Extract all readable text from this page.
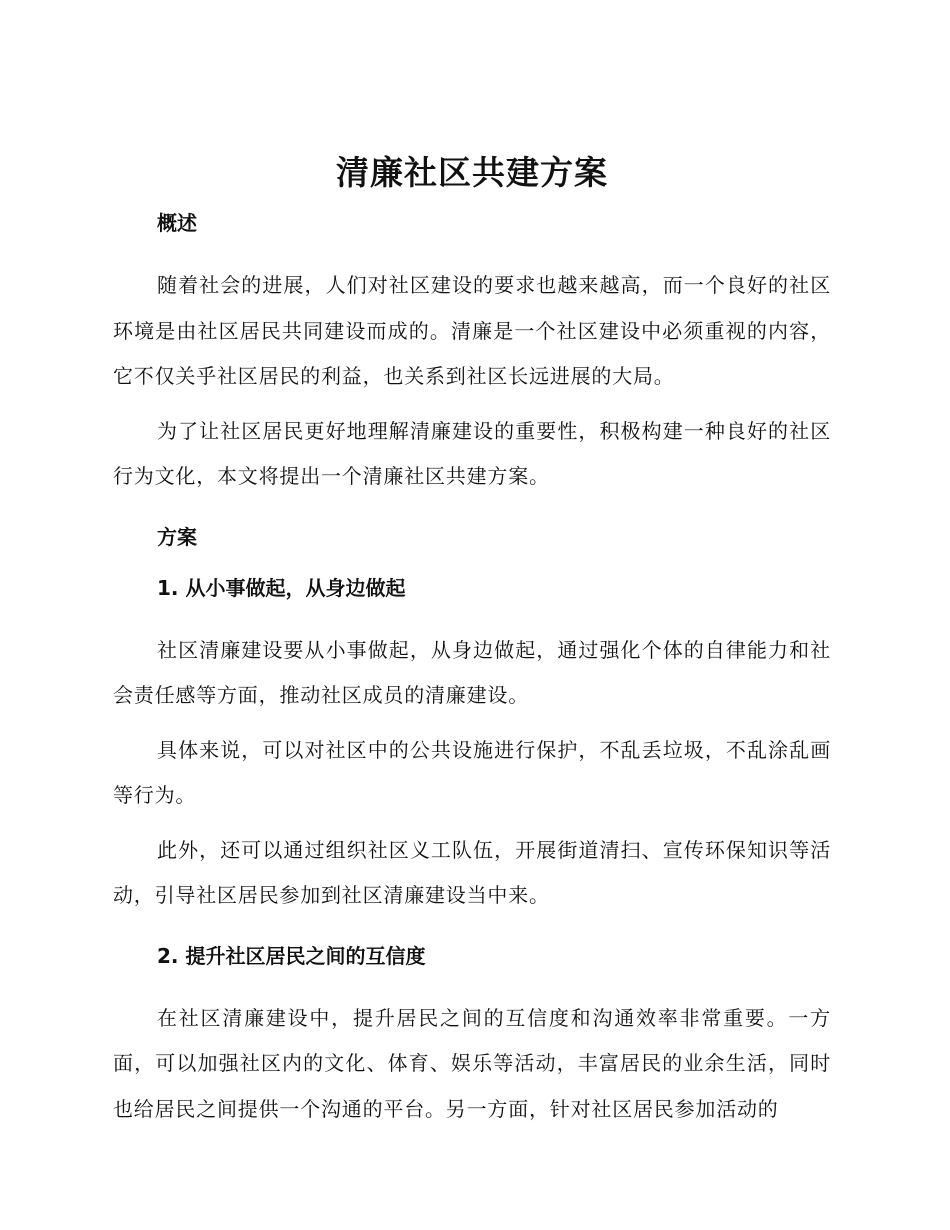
清廉社区共建方案
概述

随着社会的进展，人们对社区建设的要求也越来越高，而一个良好的社区环境是由社区居民共同建设而成的。清廉是一个社区建设中必须重视的内容，它不仅关乎社区居民的利益，也关系到社区长远进展的大局。

为了让社区居民更好地理解清廉建设的重要性，积极构建一种良好的社区行为文化，本文将提出一个清廉社区共建方案。

方案
1. 从小事做起，从身边做起

社区清廉建设要从小事做起，从身边做起，通过强化个体的自律能力和社会责任感等方面，推动社区成员的清廉建设。

具体来说，可以对社区中的公共设施进行保护，不乱丢垃圾，不乱涂乱画等行为。

此外，还可以通过组织社区义工队伍，开展街道清扫、宣传环保知识等活动，引导社区居民参加到社区清廉建设当中来。

2. 提升社区居民之间的互信度

在社区清廉建设中，提升居民之间的互信度和沟通效率非常重要。一方面，可以加强社区内的文化、体育、娱乐等活动，丰富居民的业余生活，同时也给居民之间提供一个沟通的平台。另一方面，针对社区居民参加活动的
